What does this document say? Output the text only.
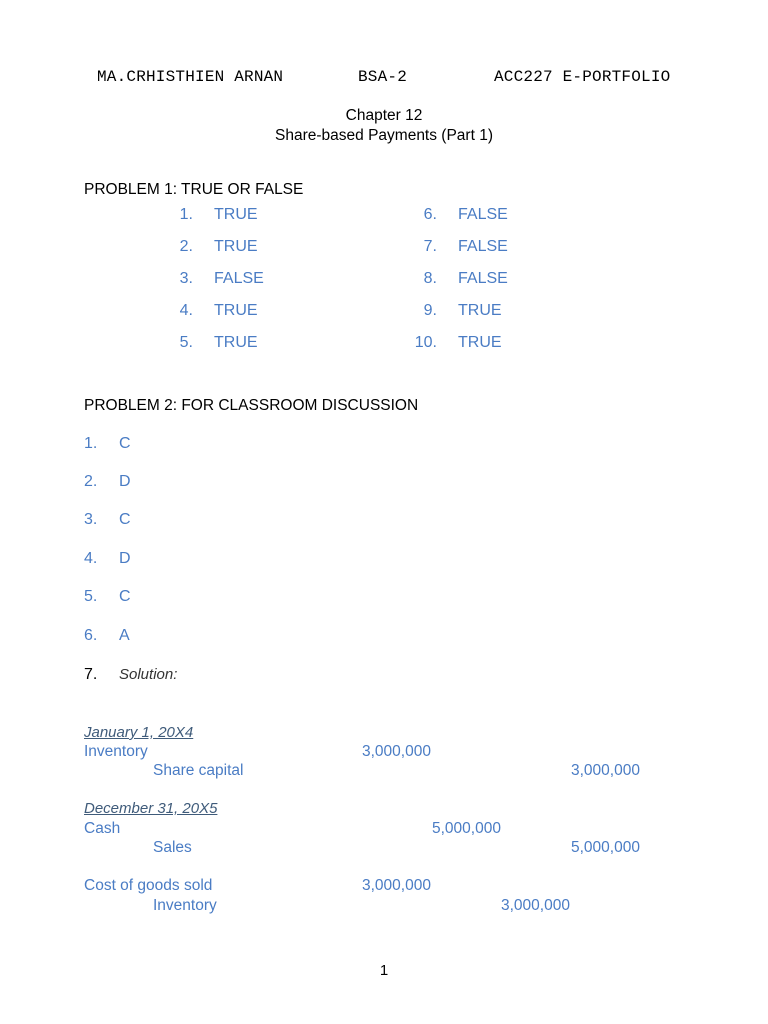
MA.CRHISTHIEN ARNAN	BSA-2	ACC227 E-PORTFOLIO
Chapter 12
Share-based Payments (Part 1)
PROBLEM 1: TRUE OR FALSE
1. TRUE
2. TRUE
3. FALSE
4. TRUE
5. TRUE
6. FALSE
7. FALSE
8. FALSE
9. TRUE
10. TRUE
PROBLEM 2: FOR CLASSROOM DISCUSSION
1. C
2. D
3. C
4. D
5. C
6. A
7. Solution:
January 1, 20X4
Inventory	3,000,000
Share capital	3,000,000
December 31, 20X5
Cash	5,000,000
Sales	5,000,000
Cost of goods sold	3,000,000
Inventory	3,000,000
1
